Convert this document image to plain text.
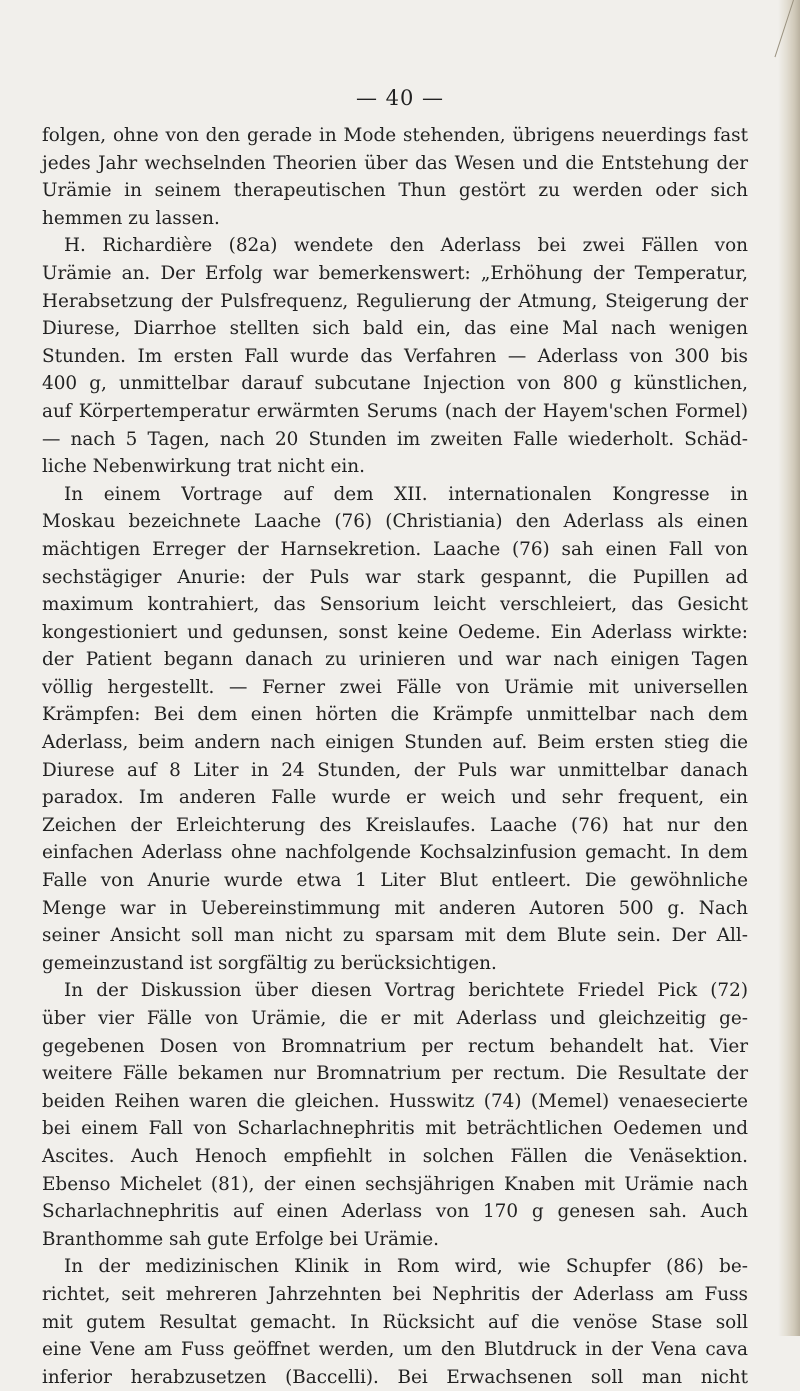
— 40 —
folgen, ohne von den gerade in Mode stehenden, übrigens neuerdings fast
jedes Jahr wechselnden Theorien über das Wesen und die Entstehung der
Urämie in seinem therapeutischen Thun gestört zu werden oder sich
hemmen zu lassen.
H. Richardière (82a) wendete den Aderlass bei zwei Fällen von
Urämie an. Der Erfolg war bemerkenswert: „Erhöhung der Temperatur,
Herabsetzung der Pulsfrequenz, Regulierung der Atmung, Steigerung der
Diurese, Diarrhoe stellten sich bald ein, das eine Mal nach wenigen
Stunden. Im ersten Fall wurde das Verfahren — Aderlass von 300 bis
400 g, unmittelbar darauf subcutane Injection von 800 g künstlichen,
auf Körpertemperatur erwärmten Serums (nach der Hayem'schen Formel)
— nach 5 Tagen, nach 20 Stunden im zweiten Falle wiederholt. Schäd-
liche Nebenwirkung trat nicht ein.
In einem Vortrage auf dem XII. internationalen Kongresse in
Moskau bezeichnete Laache (76) (Christiania) den Aderlass als einen
mächtigen Erreger der Harnsekretion. Laache (76) sah einen Fall von
sechstägiger Anurie: der Puls war stark gespannt, die Pupillen ad
maximum kontrahiert, das Sensorium leicht verschleiert, das Gesicht
kongestioniert und gedunsen, sonst keine Oedeme. Ein Aderlass wirkte:
der Patient begann danach zu urinieren und war nach einigen Tagen
völlig hergestellt. — Ferner zwei Fälle von Urämie mit universellen
Krämpfen: Bei dem einen hörten die Krämpfe unmittelbar nach dem
Aderlass, beim andern nach einigen Stunden auf. Beim ersten stieg die
Diurese auf 8 Liter in 24 Stunden, der Puls war unmittelbar danach
paradox. Im anderen Falle wurde er weich und sehr frequent, ein
Zeichen der Erleichterung des Kreislaufes. Laache (76) hat nur den
einfachen Aderlass ohne nachfolgende Kochsalzinfusion gemacht. In dem
Falle von Anurie wurde etwa 1 Liter Blut entleert. Die gewöhnliche
Menge war in Uebereinstimmung mit anderen Autoren 500 g. Nach
seiner Ansicht soll man nicht zu sparsam mit dem Blute sein. Der All-
gemeinzustand ist sorgfältig zu berücksichtigen.
In der Diskussion über diesen Vortrag berichtete Friedel Pick (72)
über vier Fälle von Urämie, die er mit Aderlass und gleichzeitig ge-
gegebenen Dosen von Bromnatrium per rectum behandelt hat. Vier
weitere Fälle bekamen nur Bromnatrium per rectum. Die Resultate der
beiden Reihen waren die gleichen. Husswitz (74) (Memel) venaesecierte
bei einem Fall von Scharlachnephritis mit beträchtlichen Oedemen und
Ascites. Auch Henoch empfiehlt in solchen Fällen die Venäsektion.
Ebenso Michelet (81), der einen sechsjährigen Knaben mit Urämie nach
Scharlachnephritis auf einen Aderlass von 170 g genesen sah. Auch
Branthomme sah gute Erfolge bei Urämie.
In der medizinischen Klinik in Rom wird, wie Schupfer (86) be-
richtet, seit mehreren Jahrzehnten bei Nephritis der Aderlass am Fuss
mit gutem Resultat gemacht. In Rücksicht auf die venöse Stase soll
eine Vene am Fuss geöffnet werden, um den Blutdruck in der Vena cava
inferior herabzusetzen (Baccelli). Bei Erwachsenen soll man nicht
